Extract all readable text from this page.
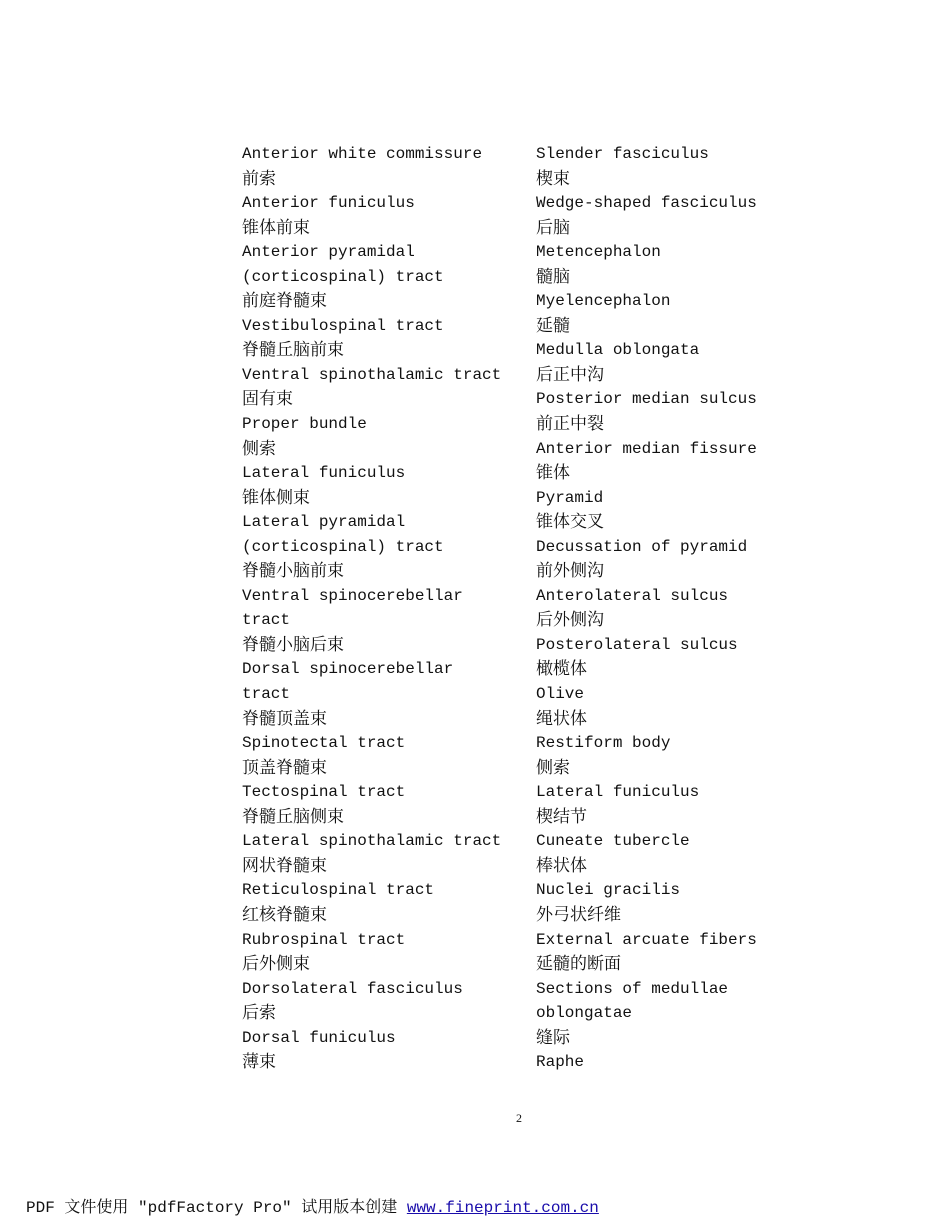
Anterior white commissure
前索
Anterior funiculus
锥体前束
Anterior pyramidal
(corticospinal) tract
前庭脊髓束
Vestibulospinal tract
脊髓丘脑前束
Ventral spinothalamic tract
固有束
Proper bundle
侧索
Lateral funiculus
锥体侧束
Lateral pyramidal
(corticospinal) tract
脊髓小脑前束
Ventral spinocerebellar
tract
脊髓小脑后束
Dorsal spinocerebellar
tract
脊髓顶盖束
Spinotectal tract
顶盖脊髓束
Tectospinal tract
脊髓丘脑侧束
Lateral spinothalamic tract
网状脊髓束
Reticulospinal tract
红核脊髓束
Rubrospinal tract
后外侧束
Dorsolateral fasciculus
后索
Dorsal funiculus
薄束
Slender fasciculus
楔束
Wedge-shaped fasciculus
后脑
Metencephalon
髓脑
Myelencephalon
延髓
Medulla oblongata
后正中沟
Posterior median sulcus
前正中裂
Anterior median fissure
锥体
Pyramid
锥体交叉
Decussation of pyramid
前外侧沟
Anterolateral sulcus
后外侧沟
Posterolateral sulcus
橄榄体
Olive
绳状体
Restiform body
侧索
Lateral funiculus
楔结节
Cuneate tubercle
棒状体
Nuclei gracilis
外弓状纤维
External arcuate fibers
延髓的断面
Sections of medullae
oblongatae
缝际
Raphe
2
PDF 文件使用 "pdfFactory Pro" 试用版本创建 www.fineprint.com.cn
